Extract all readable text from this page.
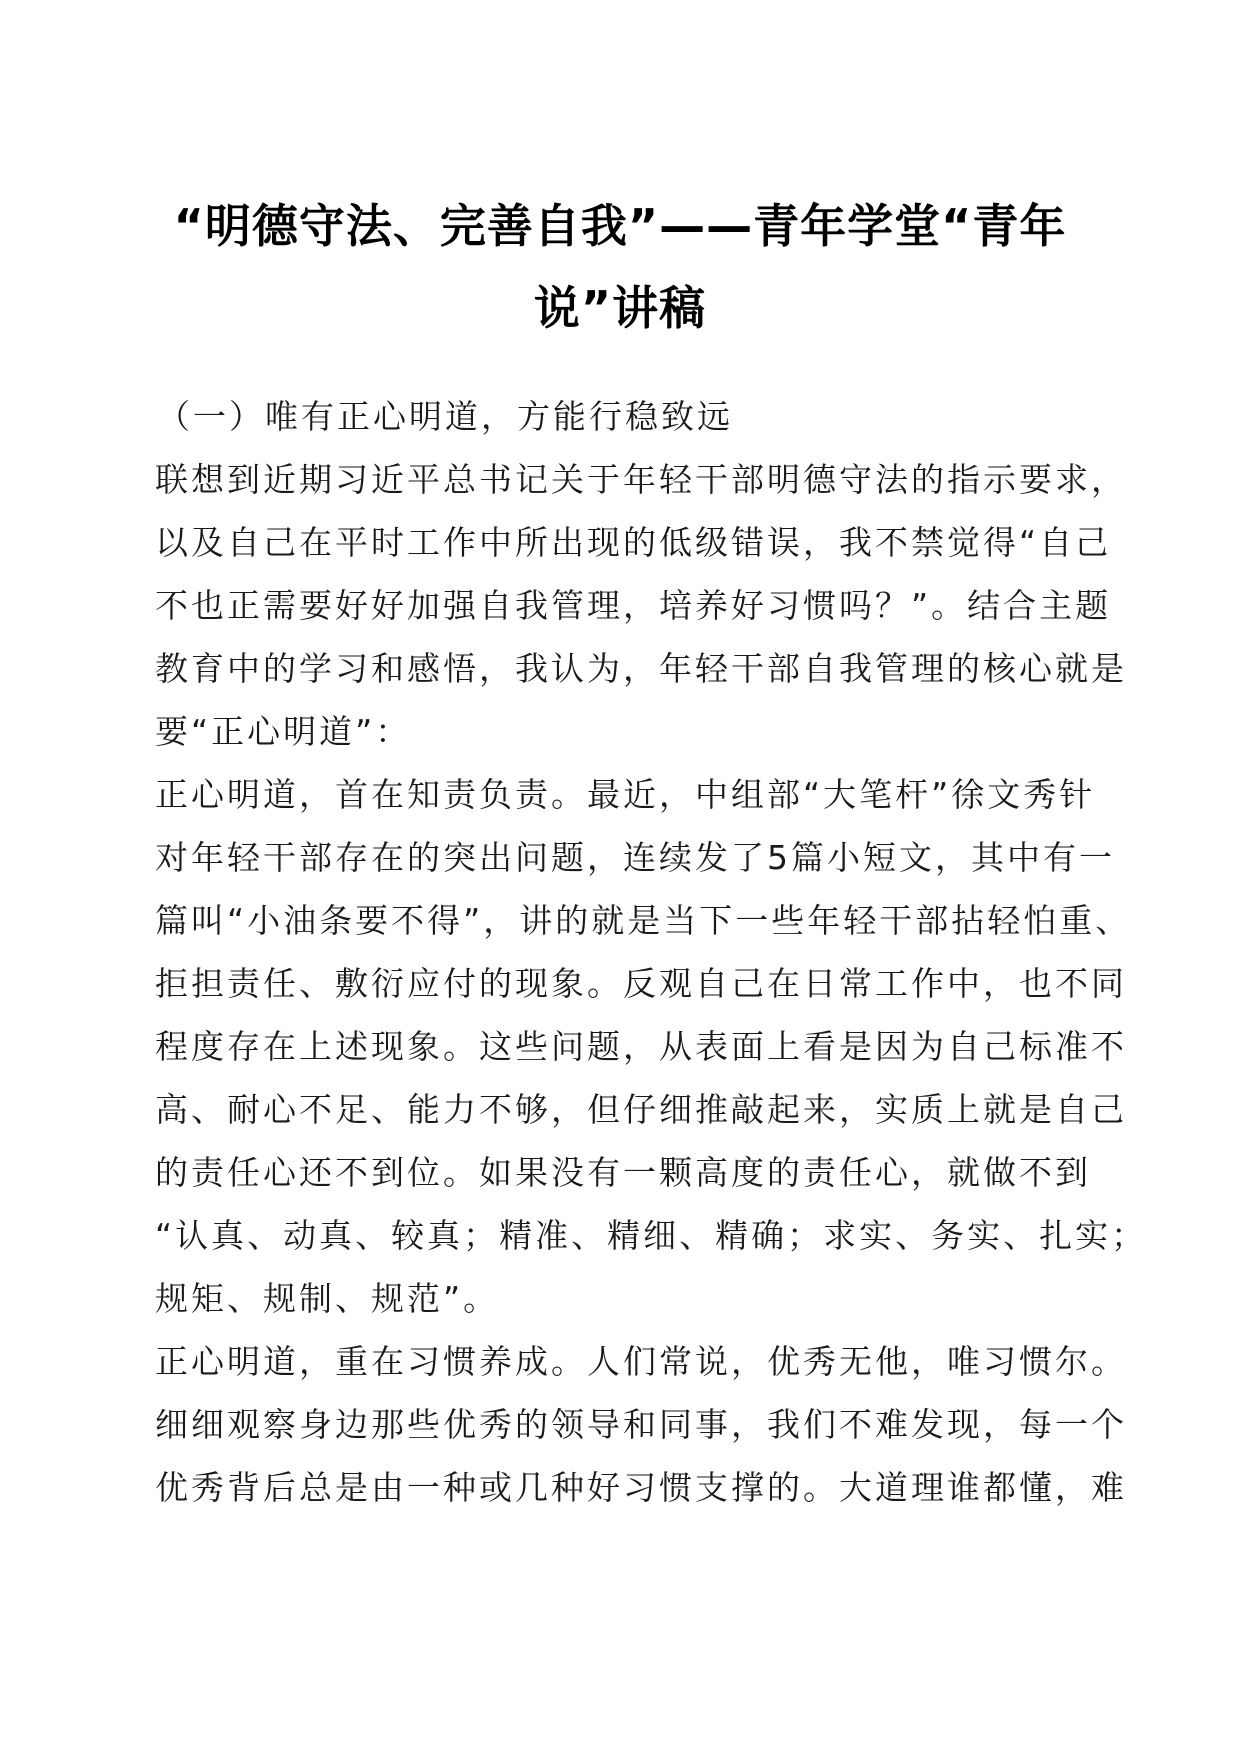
“明德守法、完善自我”——青年学堂“青年
说”讲稿
（一）唯有正心明道，方能行稳致远
联想到近期习近平总书记关于年轻干部明德守法的指示要求，
以及自己在平时工作中所出现的低级错误，我不禁觉得“自己
不也正需要好好加强自我管理，培养好习惯吗？”。结合主题
教育中的学习和感悟，我认为，年轻干部自我管理的核心就是
要“正心明道”：
正心明道，首在知责负责。最近，中组部“大笔杆”徐文秀针
对年轻干部存在的突出问题，连续发了5篇小短文，其中有一
篇叫“小油条要不得”，讲的就是当下一些年轻干部拈轻怕重、
拒担责任、敷衍应付的现象。反观自己在日常工作中，也不同
程度存在上述现象。这些问题，从表面上看是因为自己标准不
高、耐心不足、能力不够，但仔细推敲起来，实质上就是自己
的责任心还不到位。如果没有一颗高度的责任心，就做不到
“认真、动真、较真；精准、精细、精确；求实、务实、扎实；
规矩、规制、规范”。
正心明道，重在习惯养成。人们常说，优秀无他，唯习惯尔。
细细观察身边那些优秀的领导和同事，我们不难发现，每一个
优秀背后总是由一种或几种好习惯支撑的。大道理谁都懂，难
